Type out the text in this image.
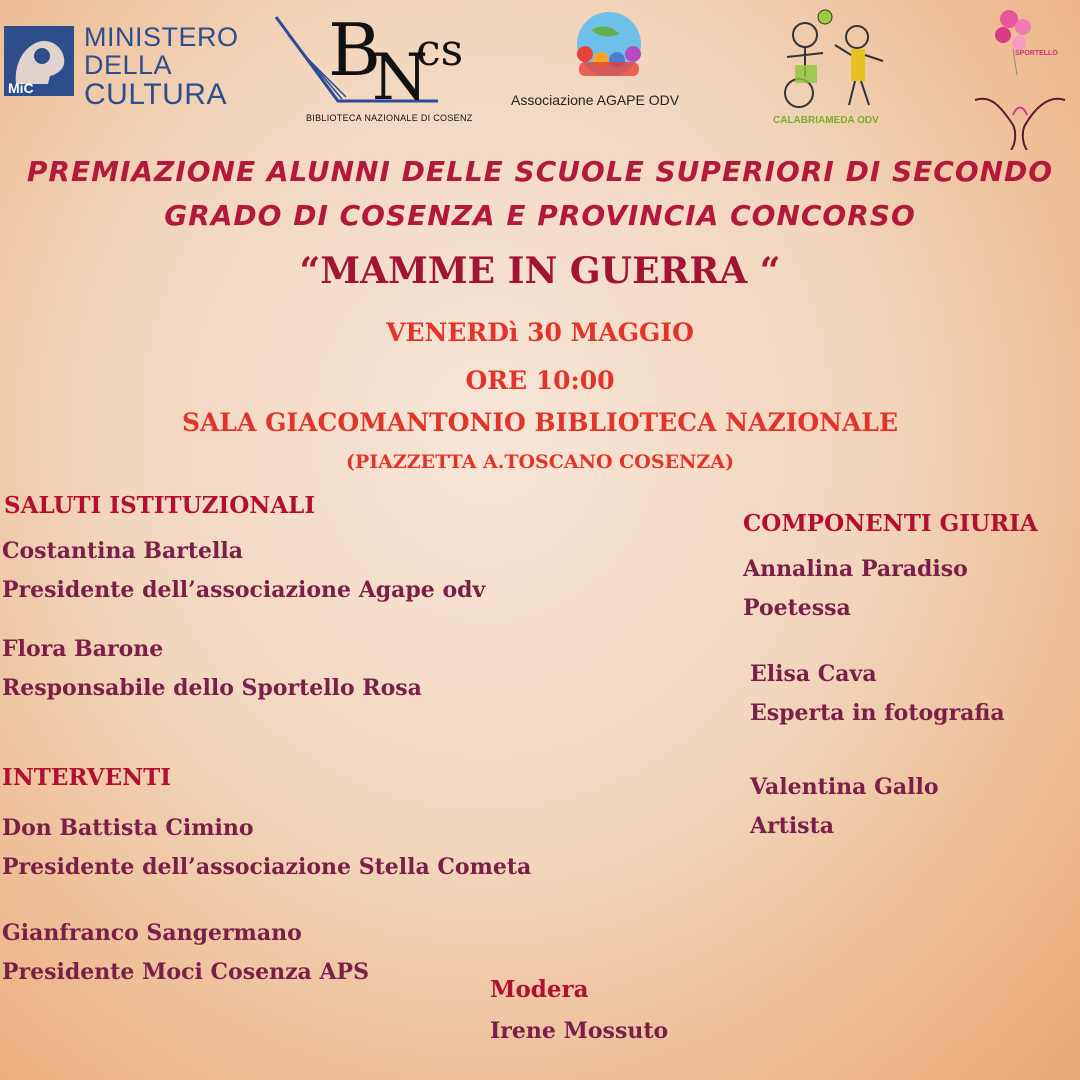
MiC
MINISTERO
DELLA
CULTURA
B
N
cs
BIBLIOTECA NAZIONALE DI COSENZ
Associazione AGAPE ODV
CALABRIAMEDA ODV
SPORTELLO
PREMIAZIONE ALUNNI DELLE SCUOLE SUPERIORI DI SECONDO
GRADO DI COSENZA E PROVINCIA CONCORSO
“MAMME IN GUERRA “
VENERDì 30 MAGGIO
ORE 10:00
SALA GIACOMANTONIO BIBLIOTECA NAZIONALE
(PIAZZETTA A.TOSCANO COSENZA)
SALUTI ISTITUZIONALI
Costantina Bartella
Presidente dell’associazione Agape odv
Flora Barone
Responsabile dello Sportello Rosa
INTERVENTI
Don Battista Cimino
Presidente dell’associazione Stella Cometa
Gianfranco Sangermano
Presidente Moci Cosenza APS
COMPONENTI GIURIA
Annalina Paradiso
Poetessa
Elisa Cava
Esperta in fotografia
Valentina Gallo
Artista
Modera
Irene Mossuto
